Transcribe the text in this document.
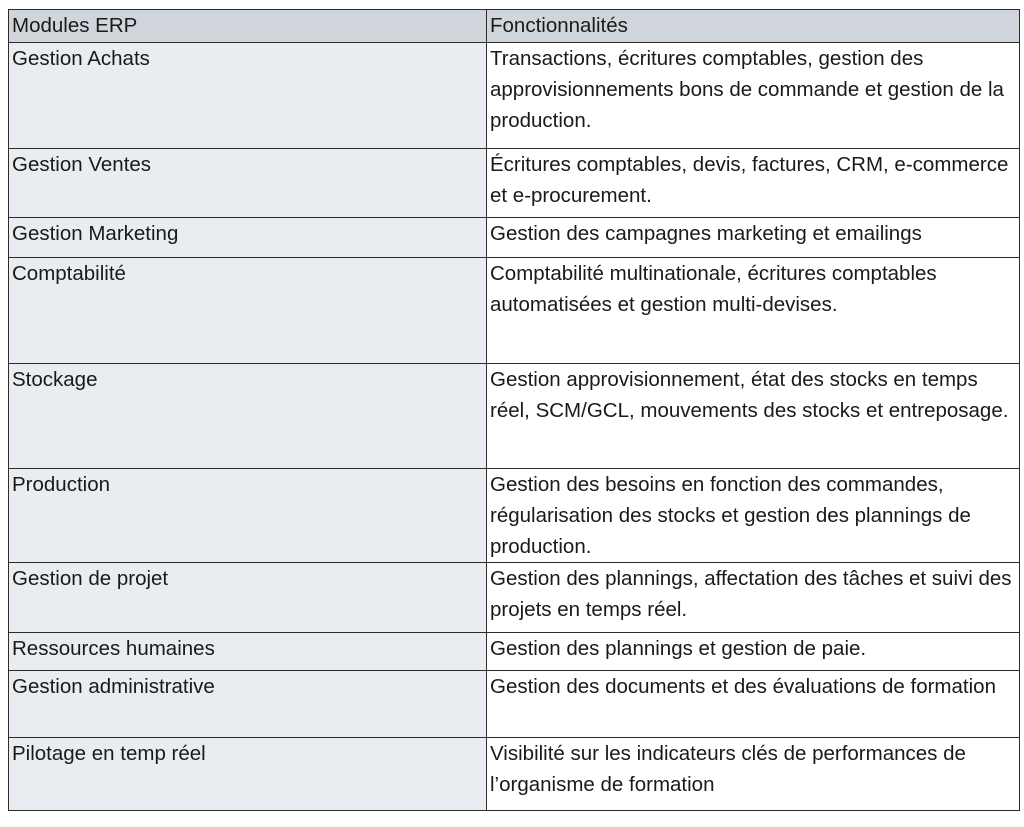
Modules ERP	Fonctionnalités
Gestion Achats	Transactions, écritures comptables, gestion des approvisionnements bons de commande et gestion de la production.
Gestion Ventes	Écritures comptables, devis, factures, CRM, e-commerce et e-procurement.
Gestion Marketing	Gestion des campagnes marketing et emailings
Comptabilité	Comptabilité multinationale, écritures comptables automatisées et gestion multi-devises.
Stockage	Gestion approvisionnement, état des stocks en temps réel, SCM/GCL, mouvements des stocks et entreposage.
Production	Gestion des besoins en fonction des commandes, régularisation des stocks et gestion des plannings de production.
Gestion de projet	Gestion des plannings, affectation des tâches et suivi des projets en temps réel.
Ressources humaines	Gestion des plannings et gestion de paie.
Gestion administrative	Gestion des documents et des évaluations de formation
Pilotage en temp réel	Visibilité sur les indicateurs clés de performances de l’organisme de formation
